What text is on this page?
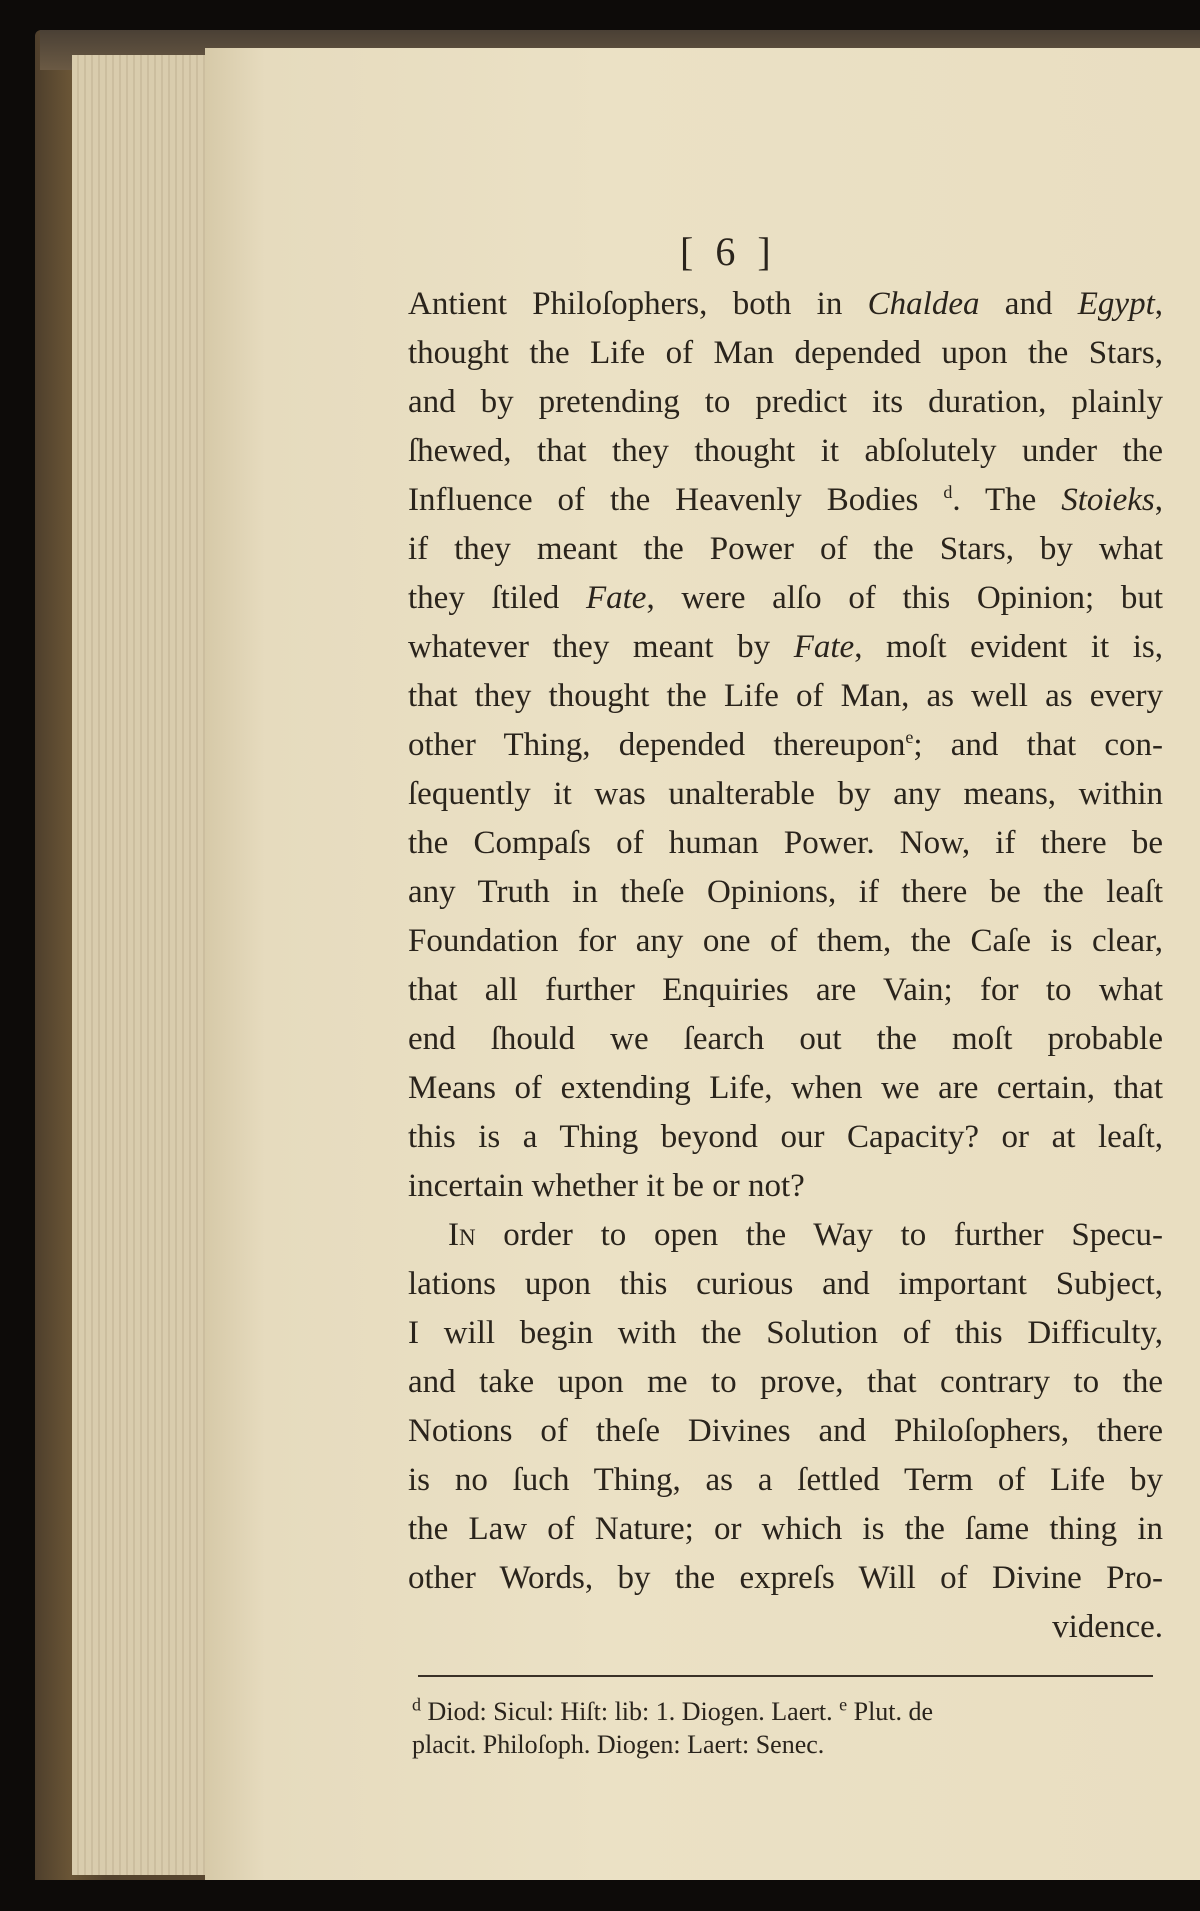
[ 6 ]
Antient Philoſophers, both in Chaldea and Egypt,
thought the Life of Man depended upon the Stars,
and by pretending to predict its duration, plainly
ſhewed, that they thought it abſolutely under the
Influence of the Heavenly Bodies $^d$. The Stoieks,
if they meant the Power of the Stars, by what
they ſtiled Fate, were alſo of this Opinion; but
whatever they meant by Fate, moſt evident it is,
that they thought the Life of Man, as well as every
other Thing, depended thereupon$^e$; and that con-
ſequently it was unalterable by any means, within
the Compaſs of human Power. Now, if there be
any Truth in theſe Opinions, if there be the leaſt
Foundation for any one of them, the Caſe is clear,
that all further Enquiries are Vain; for to what
end ſhould we ſearch out the moſt probable
Means of extending Life, when we are certain, that
this is a Thing beyond our Capacity? or at leaſt,
incertain whether it be or not?
In order to open the Way to further Specu-
lations upon this curious and important Subject,
I will begin with the Solution of this Difficulty,
and take upon me to prove, that contrary to the
Notions of theſe Divines and Philoſophers, there
is no ſuch Thing, as a ſettled Term of Life by
the Law of Nature; or which is the ſame thing in
other Words, by the expreſs Will of Divine Pro-
vidence.
$^d$ Diod: Sicul: Hiſt: lib: 1. Diogen. Laert. $^e$ Plut. de
placit. Philoſoph. Diogen: Laert: Senec.
